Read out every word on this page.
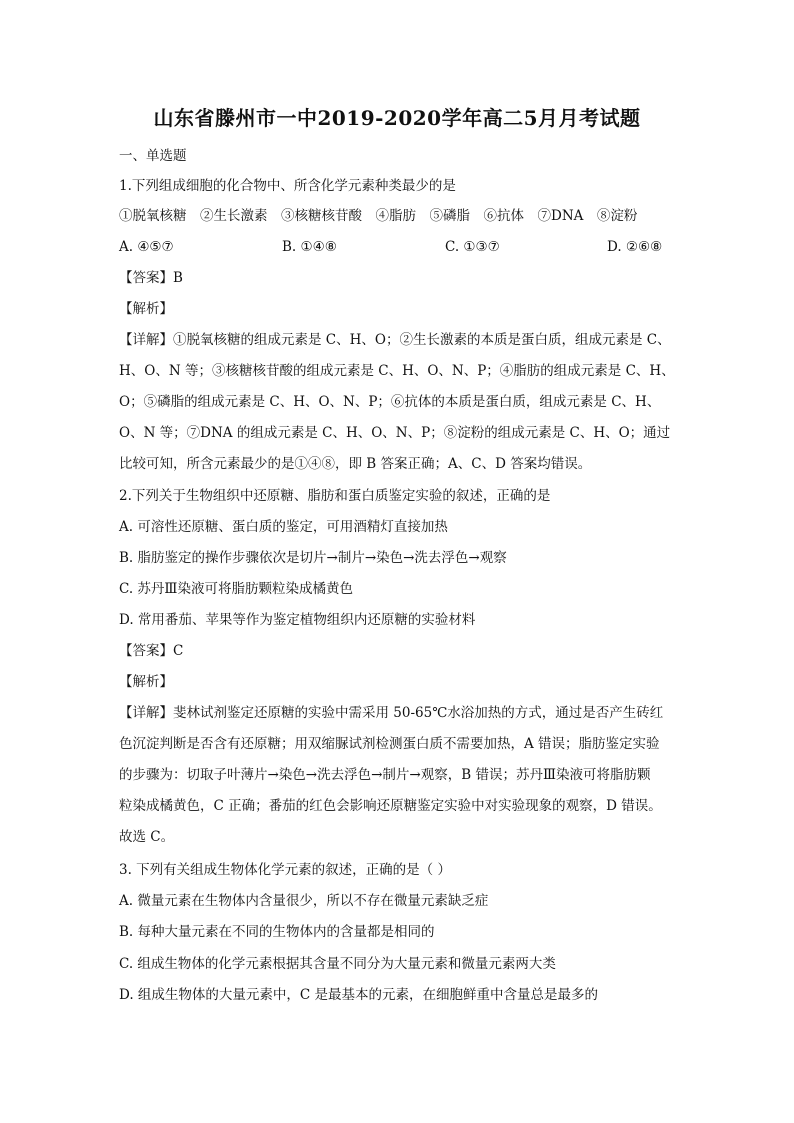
山东省滕州市一中2019-2020学年高二5月月考试题
一、单选题
1.下列组成细胞的化合物中、所含化学元素种类最少的是
①脱氧核糖　②生长激素　③核糖核苷酸　④脂肪　⑤磷脂　⑥抗体　⑦DNA　⑧淀粉
A. ④⑤⑦	B. ①④⑧	C. ①③⑦	D. ②⑥⑧
【答案】B
【解析】
【详解】①脱氧核糖的组成元素是 C、H、O；②生长激素的本质是蛋白质，组成元素是 C、
H、O、N 等；③核糖核苷酸的组成元素是 C、H、O、N、P；④脂肪的组成元素是 C、H、
O；⑤磷脂的组成元素是 C、H、O、N、P；⑥抗体的本质是蛋白质，组成元素是 C、H、
O、N 等；⑦DNA 的组成元素是 C、H、O、N、P；⑧淀粉的组成元素是 C、H、O；通过
比较可知，所含元素最少的是①④⑧，即 B 答案正确；A、C、D 答案均错误。
2.下列关于生物组织中还原糖、脂肪和蛋白质鉴定实验的叙述，正确的是
A. 可溶性还原糖、蛋白质的鉴定，可用酒精灯直接加热
B. 脂肪鉴定的操作步骤依次是切片→制片→染色→洗去浮色→观察
C. 苏丹Ⅲ染液可将脂肪颗粒染成橘黄色
D. 常用番茄、苹果等作为鉴定植物组织内还原糖的实验材料
【答案】C
【解析】
【详解】斐林试剂鉴定还原糖的实验中需采用 50-65℃水浴加热的方式，通过是否产生砖红
色沉淀判断是否含有还原糖；用双缩脲试剂检测蛋白质不需要加热，A 错误；脂肪鉴定实验
的步骤为：切取子叶薄片→染色→洗去浮色→制片→观察，B 错误；苏丹Ⅲ染液可将脂肪颗
粒染成橘黄色，C 正确；番茄的红色会影响还原糖鉴定实验中对实验现象的观察，D 错误。
故选 C。
3. 下列有关组成生物体化学元素的叙述，正确的是（ ）
A. 微量元素在生物体内含量很少，所以不存在微量元素缺乏症
B. 每种大量元素在不同的生物体内的含量都是相同的
C. 组成生物体的化学元素根据其含量不同分为大量元素和微量元素两大类
D. 组成生物体的大量元素中，C 是最基本的元素，在细胞鲜重中含量总是最多的
